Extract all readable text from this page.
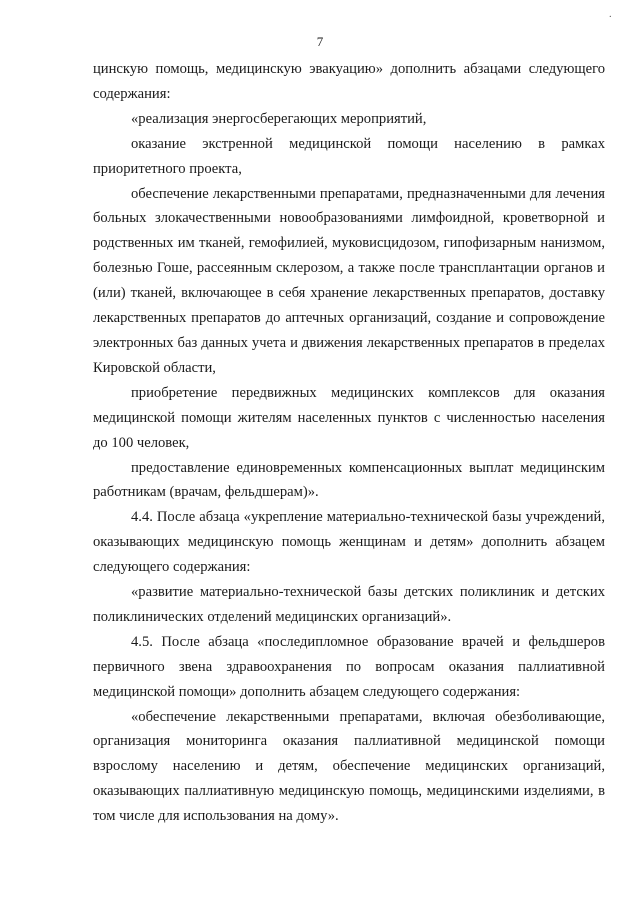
·
7

цинскую помощь, медицинскую эвакуацию» дополнить абзацами следующего содержания:

«реализация энергосберегающих мероприятий,

оказание экстренной медицинской помощи населению в рамках приоритетного проекта,

обеспечение лекарственными препаратами, предназначенными для лечения больных злокачественными новообразованиями лимфоидной, кроветворной и родственных им тканей, гемофилией, муковисцидозом, гипофизарным нанизмом, болезнью Гоше, рассеянным склерозом, а также после трансплантации органов и (или) тканей, включающее в себя хранение лекарственных препаратов, доставку лекарственных препаратов до аптечных организаций, создание и сопровождение электронных баз данных учета и движения лекарственных препаратов в пределах Кировской области,

приобретение передвижных медицинских комплексов для оказания медицинской помощи жителям населенных пунктов с численностью населения до 100 человек,

предоставление единовременных компенсационных выплат медицинским работникам (врачам, фельдшерам)».

4.4. После абзаца «укрепление материально-технической базы учреждений, оказывающих медицинскую помощь женщинам и детям» дополнить абзацем следующего содержания:

«развитие материально-технической базы детских поликлиник и детских поликлинических отделений медицинских организаций».

4.5. После абзаца «последипломное образование врачей и фельдшеров первичного звена здравоохранения по вопросам оказания паллиативной медицинской помощи» дополнить абзацем следующего содержания:

«обеспечение лекарственными препаратами, включая обезболивающие, организация мониторинга оказания паллиативной медицинской помощи взрослому населению и детям, обеспечение медицинских организаций, оказывающих паллиативную медицинскую помощь, медицинскими изделиями, в том числе для использования на дому».
